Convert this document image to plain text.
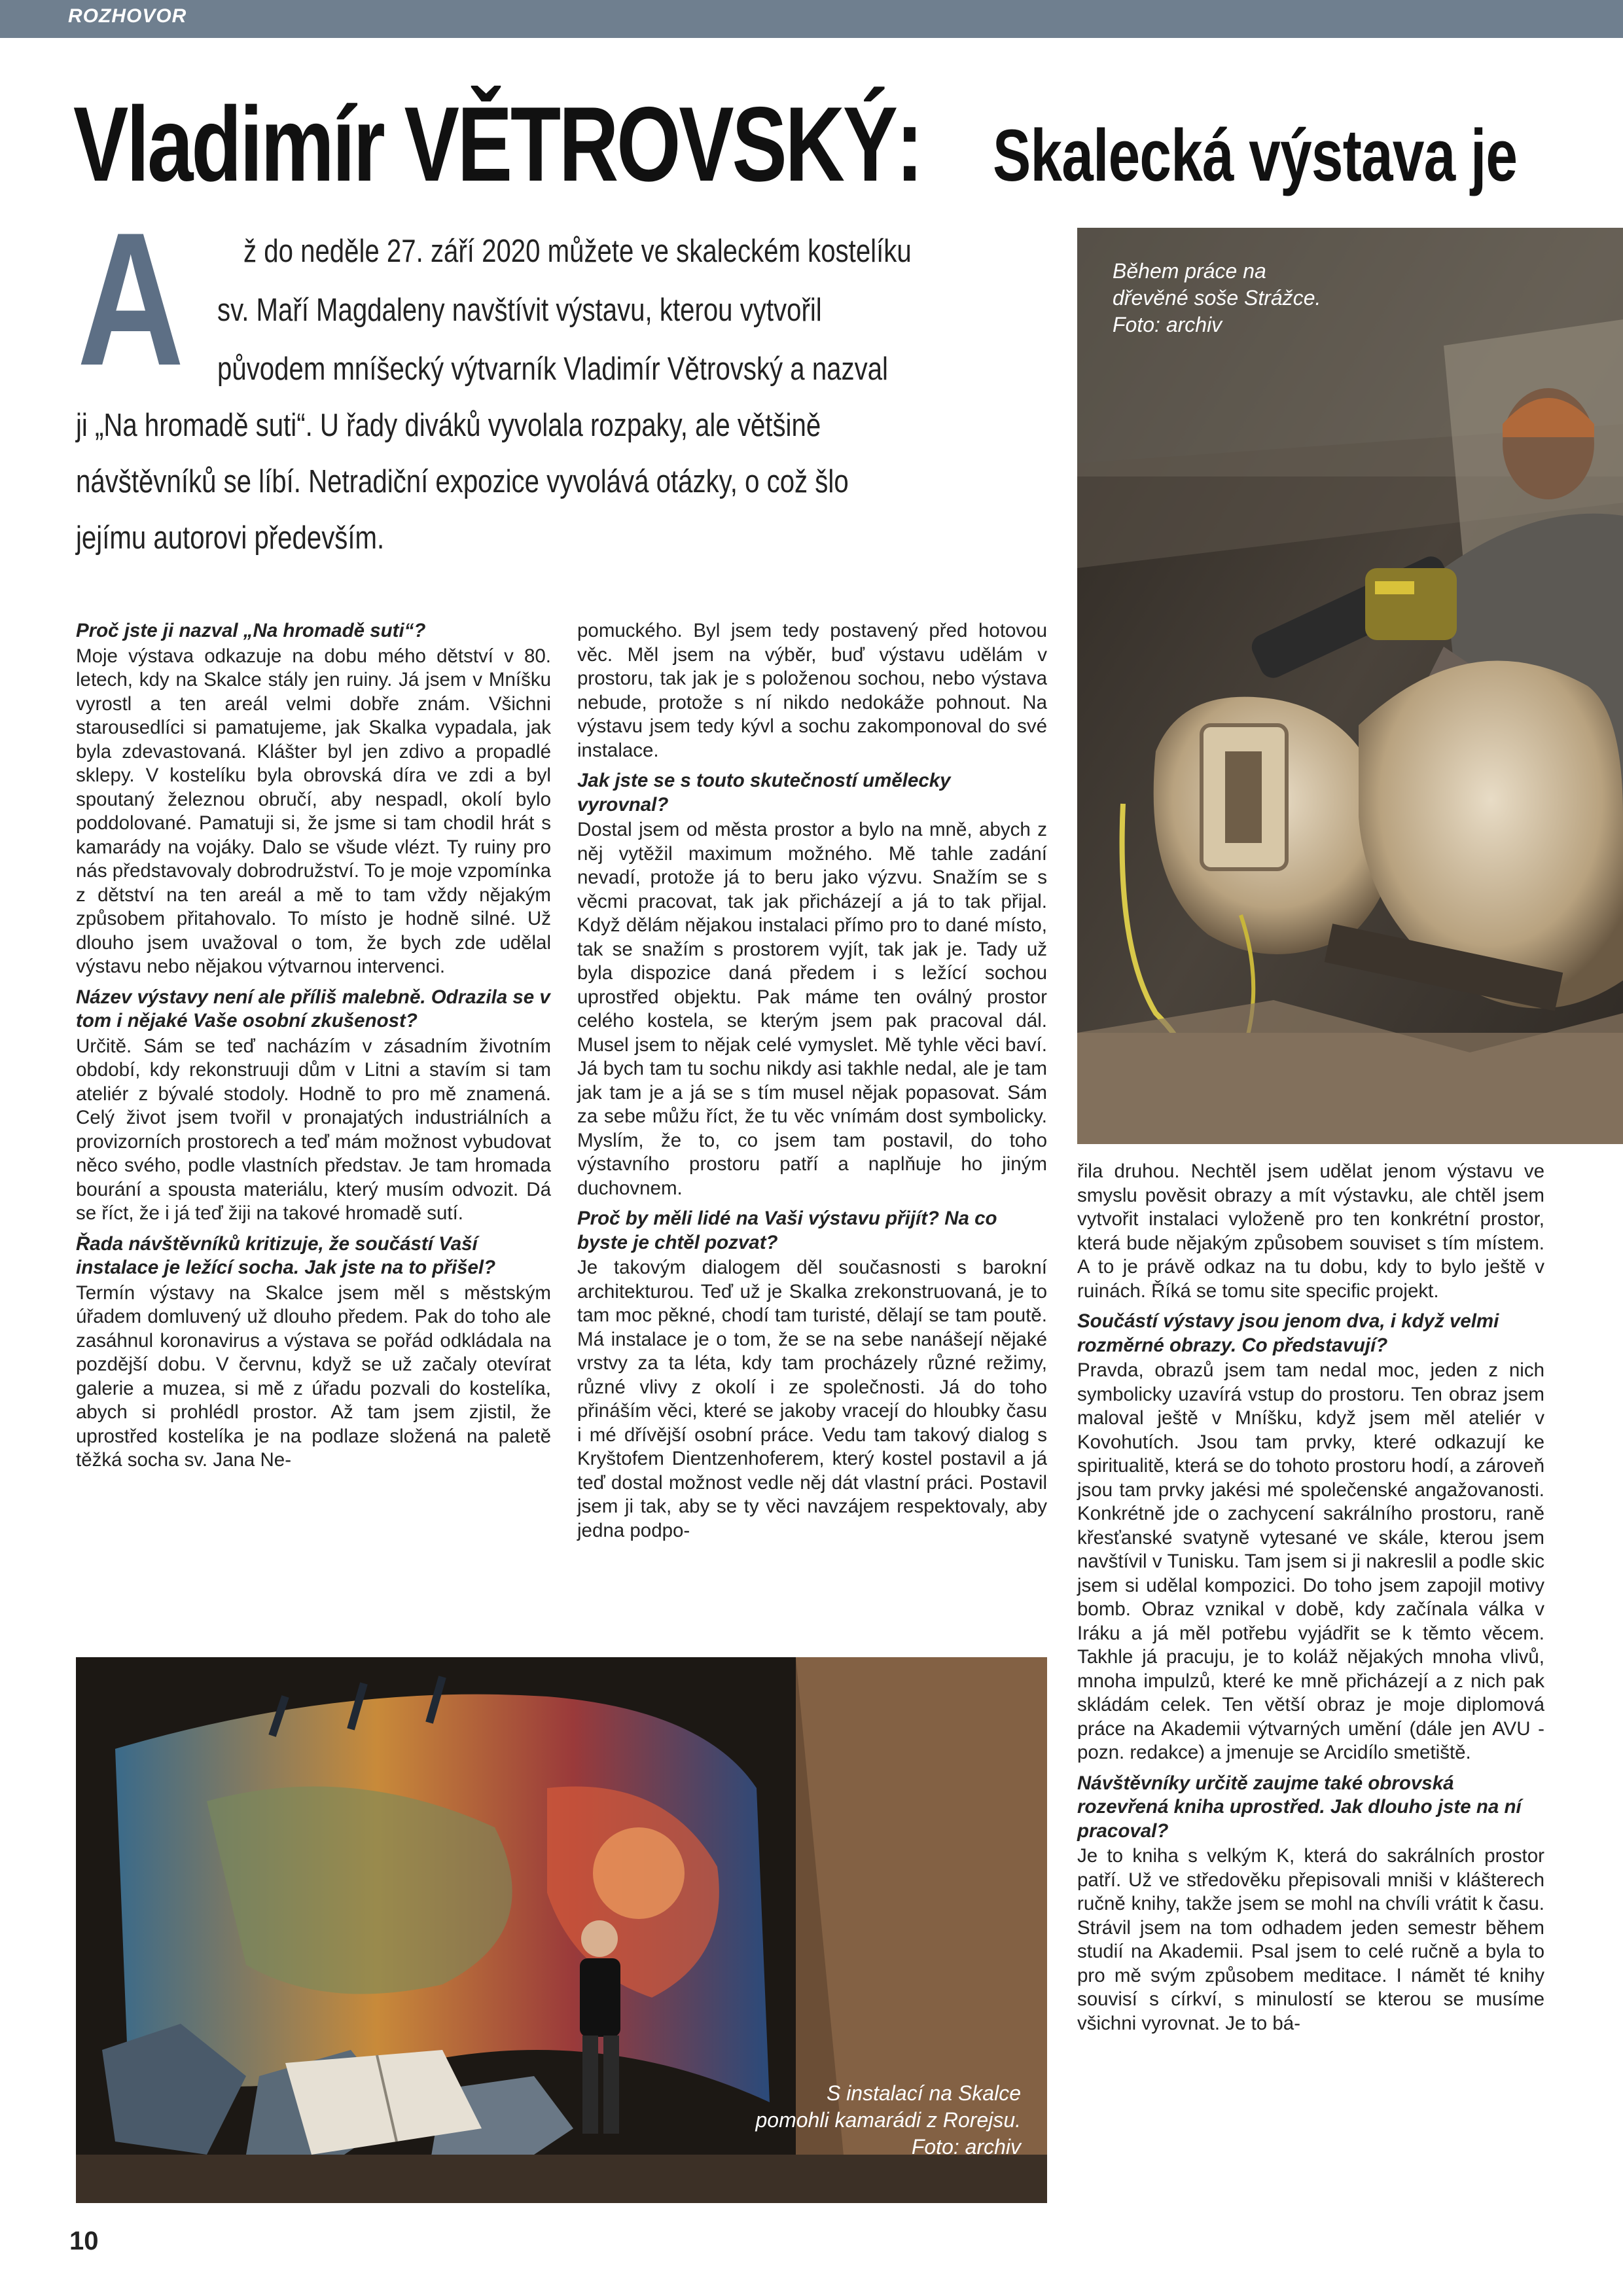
ROZHOVOR
Vladimír VĚTROVSKÝ: Skalecká výstava je
A ž do neděle 27. září 2020 můžete ve skaleckém kostelíku
sv. Maří Magdaleny navštívit výstavu, kterou vytvořil
původem mníšecký výtvarník Vladimír Větrovský a nazval
ji „Na hromadě suti“. U řady diváků vyvolala rozpaky, ale většině
návštěvníků se líbí. Netradiční expozice vyvolává otázky, o což šlo
jejímu autorovi především.
Během práce na
dřevěné soše Strážce.
Foto: archiv

Proč jste ji nazval „Na hromadě suti“?

Moje výstava odkazuje na dobu mého dětství v 80. letech, kdy na Skalce stály jen ruiny. Já jsem v Mníšku vyrostl a ten areál velmi dobře znám. Všichni starousedlíci si pamatujeme, jak Skalka vypadala, jak byla zdevastovaná. Klášter byl jen zdivo a propadlé sklepy. V kostelíku byla obrovská díra ve zdi a byl spoutaný železnou obručí, aby nespadl, okolí bylo poddolované. Pamatuji si, že jsme si tam chodil hrát s kamarády na vojáky. Dalo se všude vlézt. Ty ruiny pro nás představovaly dobrodružství. To je moje vzpomínka z dětství na ten areál a mě to tam vždy nějakým způsobem přitahovalo. To místo je hodně silné. Už dlouho jsem uvažoval o tom, že bych zde udělal výstavu nebo nějakou výtvarnou intervenci.

Název výstavy není ale příliš malebně. Odrazila se v tom i nějaké Vaše osobní zkušenost?

Určitě. Sám se teď nacházím v zásadním životním období, kdy rekonstruuji dům v Litni a stavím si tam ateliér z bývalé stodoly. Hodně to pro mě znamená. Celý život jsem tvořil v pronajatých industriálních a provizorních prostorech a teď mám možnost vybudovat něco svého, podle vlastních představ. Je tam hromada bourání a spousta materiálu, který musím odvozit. Dá se říct, že i já teď žiji na takové hromadě sutí.

Řada návštěvníků kritizuje, že součástí Vaší instalace je ležící socha. Jak jste na to přišel?

Termín výstavy na Skalce jsem měl s městským úřadem domluvený už dlouho předem. Pak do toho ale zasáhnul koronavirus a výstava se pořád odkládala na pozdější dobu. V červnu, když se už začaly otevírat galerie a muzea, si mě z úřadu pozvali do kostelíka, abych si prohlédl prostor. Až tam jsem zjistil, že uprostřed kostelíka je na podlaze složená na paletě těžká socha sv. Jana Ne-

pomuckého. Byl jsem tedy postavený před hotovou věc. Měl jsem na výběr, buď výstavu udělám v prostoru, tak jak je s položenou sochou, nebo výstava nebude, protože s ní nikdo nedokáže pohnout. Na výstavu jsem tedy kývl a sochu zakomponoval do své instalace.

Jak jste se s touto skutečností umělecky vyrovnal?

Dostal jsem od města prostor a bylo na mně, abych z něj vytěžil maximum možného. Mě tahle zadání nevadí, protože já to beru jako výzvu. Snažím se s věcmi pracovat, tak jak přicházejí a já to tak přijal. Když dělám nějakou instalaci přímo pro to dané místo, tak se snažím s prostorem vyjít, tak jak je. Tady už byla dispozice daná předem i s ležící sochou uprostřed objektu. Pak máme ten oválný prostor celého kostela, se kterým jsem pak pracoval dál. Musel jsem to nějak celé vymyslet. Mě tyhle věci baví. Já bych tam tu sochu nikdy asi takhle nedal, ale je tam jak tam je a já se s tím musel nějak popasovat. Sám za sebe můžu říct, že tu věc vnímám dost symbolicky. Myslím, že to, co jsem tam postavil, do toho výstavního prostoru patří a naplňuje ho jiným duchovnem.

Proč by měli lidé na Vaši výstavu přijít? Na co byste je chtěl pozvat?

Je takovým dialogem děl současnosti s barokní architekturou. Teď už je Skalka zrekonstruovaná, je to tam moc pěkné, chodí tam turisté, dělají se tam poutě. Má instalace je o tom, že se na sebe nanášejí nějaké vrstvy za ta léta, kdy tam procházely různé režimy, různé vlivy z okolí i ze společnosti. Já do toho přináším věci, které se jakoby vracejí do hloubky času i mé dřívější osobní práce. Vedu tam takový dialog s Kryštofem Dientzenhoferem, který kostel postavil a já teď dostal možnost vedle něj dát vlastní práci. Postavil jsem ji tak, aby se ty věci navzájem respektovaly, aby jedna podpo-

řila druhou. Nechtěl jsem udělat jenom výstavu ve smyslu pověsit obrazy a mít výstavku, ale chtěl jsem vytvořit instalaci vyloženě pro ten konkrétní prostor, která bude nějakým způsobem souviset s tím místem. A to je právě odkaz na tu dobu, kdy to bylo ještě v ruinách. Říká se tomu site specific projekt.

Součástí výstavy jsou jenom dva, i když velmi rozměrné obrazy. Co představují?

Pravda, obrazů jsem tam nedal moc, jeden z nich symbolicky uzavírá vstup do prostoru. Ten obraz jsem maloval ještě v Mníšku, když jsem měl ateliér v Kovohutích. Jsou tam prvky, které odkazují ke spiritualitě, která se do tohoto prostoru hodí, a zároveň jsou tam prvky jakési mé společenské angažovanosti. Konkrétně jde o zachycení sakrálního prostoru, raně křesťanské svatyně vytesané ve skále, kterou jsem navštívil v Tunisku. Tam jsem si ji nakreslil a podle skic jsem si udělal kompozici. Do toho jsem zapojil motivy bomb. Obraz vznikal v době, kdy začínala válka v Iráku a já měl potřebu vyjádřit se k těmto věcem. Takhle já pracuju, je to koláž nějakých mnoha vlivů, mnoha impulzů, které ke mně přicházejí a z nich pak skládám celek. Ten větší obraz je moje diplomová práce na Akademii výtvarných umění (dále jen AVU - pozn. redakce) a jmenuje se Arcidílo smetiště.

Návštěvníky určitě zaujme také obrovská rozevřená kniha uprostřed. Jak dlouho jste na ní pracoval?

Je to kniha s velkým K, která do sakrálních prostor patří. Už ve středověku přepisovali mniši v klášterech ručně knihy, takže jsem se mohl na chvíli vrátit k času. Strávil jsem na tom odhadem jeden semestr během studií na Akademii. Psal jsem to celé ručně a byla to pro mě svým způsobem meditace. I námět té knihy souvisí s církví, s minulostí se kterou se musíme všichni vyrovnat. Je to bá-

S instalací na Skalce
pomohli kamarádi z Rorejsu.
Foto: archiv
10
